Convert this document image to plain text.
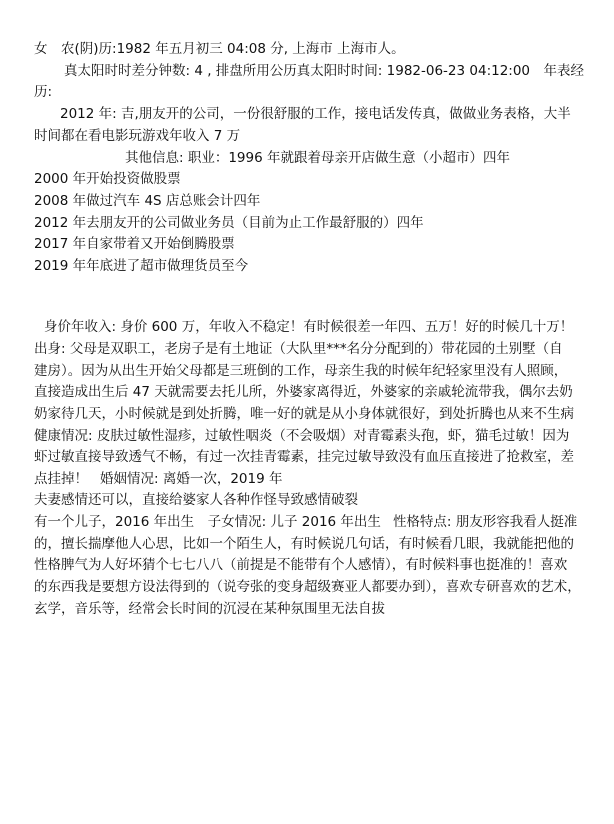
女　农(阴)历:1982 年五月初三 04:08 分, 上海市 上海市人。
真太阳时时差分钟数: 4 , 排盘所用公历真太阳时时间: 1982-06-23 04:12:00　年表经
历:
2012 年: 吉,朋友开的公司，一份很舒服的工作，接电话发传真，做做业务表格，大半
时间都在看电影玩游戏年收入 7 万
其他信息: 职业：1996 年就跟着母亲开店做生意（小超市）四年
2000 年开始投资做股票
2008 年做过汽车 4S 店总账会计四年
2012 年去朋友开的公司做业务员（目前为止工作最舒服的）四年
2017 年自家带着又开始倒腾股票
2019 年年底进了超市做理货员至今
身价年收入: 身价 600 万，年收入不稳定！有时候很差一年四、五万！好的时候几十万！
出身: 父母是双职工，老房子是有土地证（大队里***名分分配到的）带花园的土别墅（自
建房）。因为从出生开始父母都是三班倒的工作，母亲生我的时候年纪轻家里没有人照顾，
直接造成出生后 47 天就需要去托儿所，外婆家离得近，外婆家的亲戚轮流带我，偶尔去奶
奶家待几天，小时候就是到处折腾，唯一好的就是从小身体就很好，到处折腾也从来不生病
健康情况: 皮肤过敏性湿疹，过敏性咽炎（不会吸烟）对青霉素头孢，虾，猫毛过敏！因为
虾过敏直接导致透气不畅，有过一次挂青霉素，挂完过敏导致没有血压直接进了抢救室，差
点挂掉！ 婚姻情况: 离婚一次，2019 年
夫妻感情还可以，直接给婆家人各种作怪导致感情破裂
有一个儿子，2016 年出生　子女情况: 儿子 2016 年出生 性格特点: 朋友形容我看人挺准
的，擅长揣摩他人心思，比如一个陌生人，有时候说几句话，有时候看几眼，我就能把他的
性格脾气为人好坏猜个七七八八（前提是不能带有个人感情），有时候料事也挺准的！喜欢
的东西我是要想方设法得到的（说夸张的变身超级赛亚人都要办到），喜欢专研喜欢的艺术，
玄学，音乐等，经常会长时间的沉浸在某种氛围里无法自拔
